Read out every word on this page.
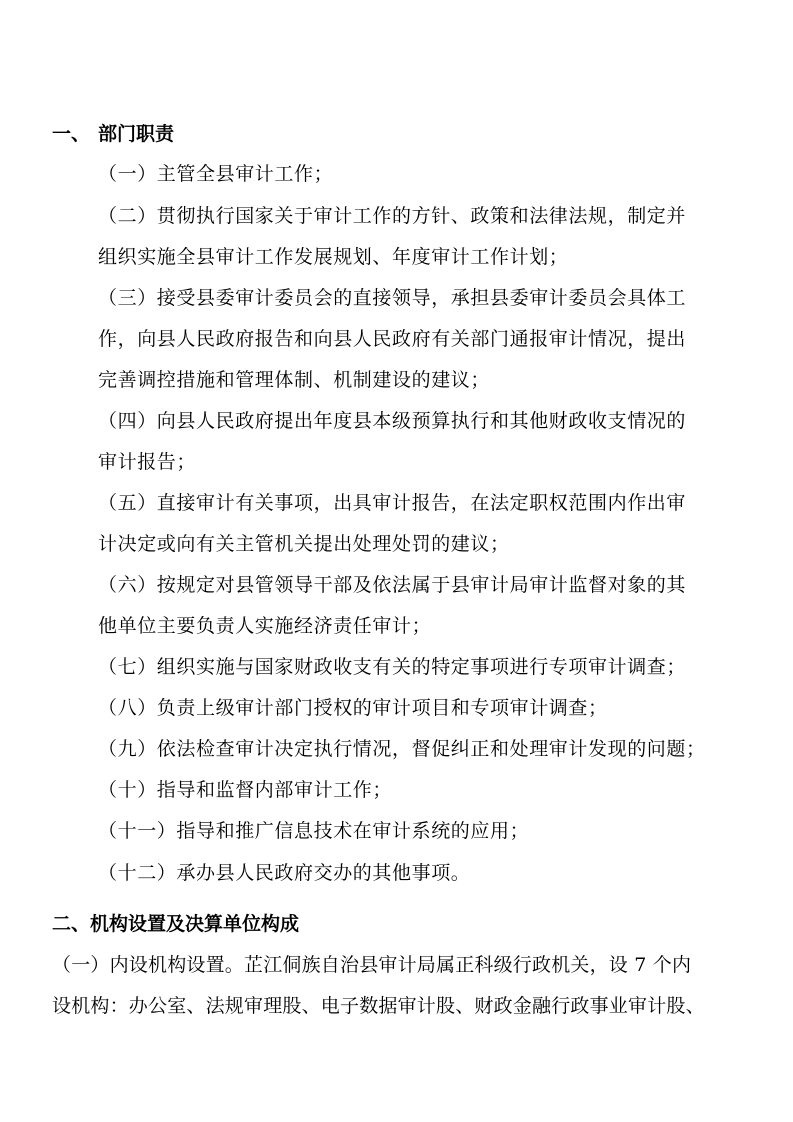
一、 部门职责
（一）主管全县审计工作；
（二）贯彻执行国家关于审计工作的方针、政策和法律法规，制定并
组织实施全县审计工作发展规划、年度审计工作计划；
（三）接受县委审计委员会的直接领导，承担县委审计委员会具体工
作，向县人民政府报告和向县人民政府有关部门通报审计情况，提出
完善调控措施和管理体制、机制建设的建议；
（四）向县人民政府提出年度县本级预算执行和其他财政收支情况的
审计报告；
（五）直接审计有关事项，出具审计报告，在法定职权范围内作出审
计决定或向有关主管机关提出处理处罚的建议；
（六）按规定对县管领导干部及依法属于县审计局审计监督对象的其
他单位主要负责人实施经济责任审计；
（七）组织实施与国家财政收支有关的特定事项进行专项审计调查；
（八）负责上级审计部门授权的审计项目和专项审计调查；
（九）依法检查审计决定执行情况，督促纠正和处理审计发现的问题；
（十）指导和监督内部审计工作；
（十一）指导和推广信息技术在审计系统的应用；
（十二）承办县人民政府交办的其他事项。
二、机构设置及决算单位构成
（一）内设机构设置。芷江侗族自治县审计局属正科级行政机关，设 7 个内
设机构：办公室、法规审理股、电子数据审计股、财政金融行政事业审计股、
